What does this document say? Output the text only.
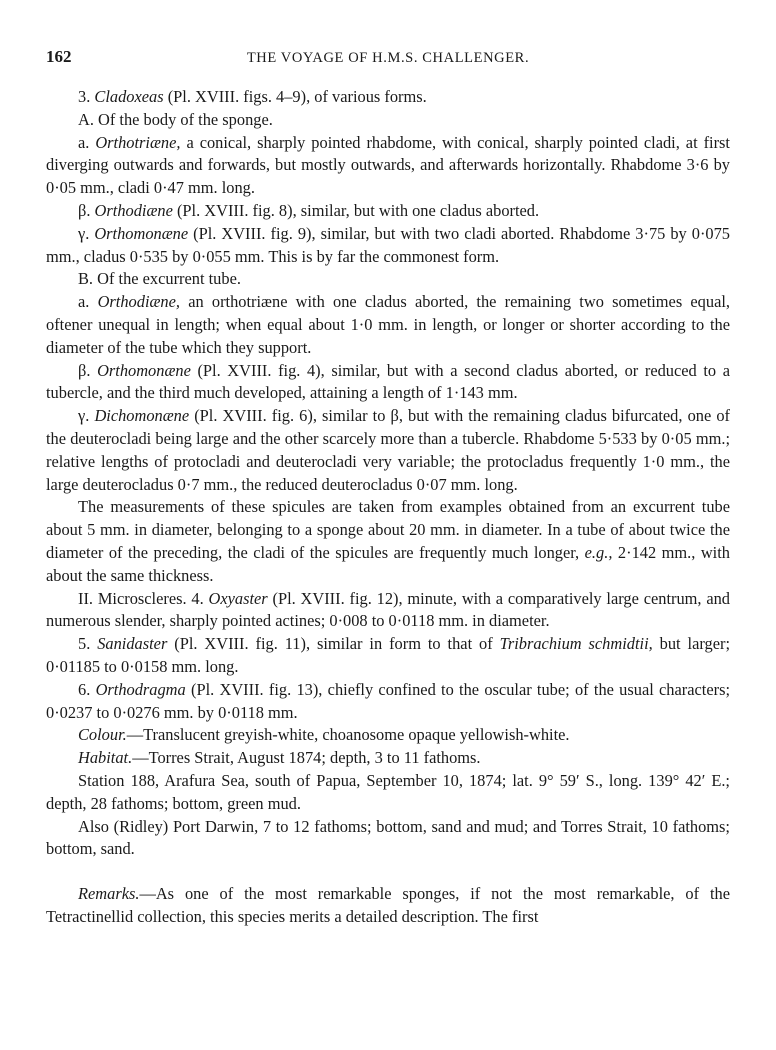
162	THE VOYAGE OF H.M.S. CHALLENGER.

3. Cladoxeas (Pl. XVIII. figs. 4–9), of various forms.

A. Of the body of the sponge.

a. Orthotriæne, a conical, sharply pointed rhabdome, with conical, sharply pointed cladi, at first diverging outwards and forwards, but mostly outwards, and afterwards horizontally. Rhabdome 3·6 by 0·05 mm., cladi 0·47 mm. long.

β. Orthodiæne (Pl. XVIII. fig. 8), similar, but with one cladus aborted.

γ. Orthomonæne (Pl. XVIII. fig. 9), similar, but with two cladi aborted. Rhabdome 3·75 by 0·075 mm., cladus 0·535 by 0·055 mm. This is by far the commonest form.

B. Of the excurrent tube.

a. Orthodiæne, an orthotriæne with one cladus aborted, the remaining two sometimes equal, oftener unequal in length; when equal about 1·0 mm. in length, or longer or shorter according to the diameter of the tube which they support.

β. Orthomonæne (Pl. XVIII. fig. 4), similar, but with a second cladus aborted, or reduced to a tubercle, and the third much developed, attaining a length of 1·143 mm.

γ. Dichomonæne (Pl. XVIII. fig. 6), similar to β, but with the remaining cladus bifurcated, one of the deuterocladi being large and the other scarcely more than a tubercle. Rhabdome 5·533 by 0·05 mm.; relative lengths of protocladi and deuterocladi very variable; the protocladus frequently 1·0 mm., the large deuterocladus 0·7 mm., the reduced deuterocladus 0·07 mm. long.

The measurements of these spicules are taken from examples obtained from an excurrent tube about 5 mm. in diameter, belonging to a sponge about 20 mm. in diameter. In a tube of about twice the diameter of the preceding, the cladi of the spicules are frequently much longer, e.g., 2·142 mm., with about the same thickness.

II. Microscleres. 4. Oxyaster (Pl. XVIII. fig. 12), minute, with a comparatively large centrum, and numerous slender, sharply pointed actines; 0·008 to 0·0118 mm. in diameter.

5. Sanidaster (Pl. XVIII. fig. 11), similar in form to that of Tribrachium schmidtii, but larger; 0·01185 to 0·0158 mm. long.

6. Orthodragma (Pl. XVIII. fig. 13), chiefly confined to the oscular tube; of the usual characters; 0·0237 to 0·0276 mm. by 0·0118 mm.

Colour.—Translucent greyish-white, choanosome opaque yellowish-white.

Habitat.—Torres Strait, August 1874; depth, 3 to 11 fathoms.

Station 188, Arafura Sea, south of Papua, September 10, 1874; lat. 9° 59′ S., long. 139° 42′ E.; depth, 28 fathoms; bottom, green mud.

Also (Ridley) Port Darwin, 7 to 12 fathoms; bottom, sand and mud; and Torres Strait, 10 fathoms; bottom, sand.

Remarks.—As one of the most remarkable sponges, if not the most remarkable, of the Tetractinellid collection, this species merits a detailed description. The first
